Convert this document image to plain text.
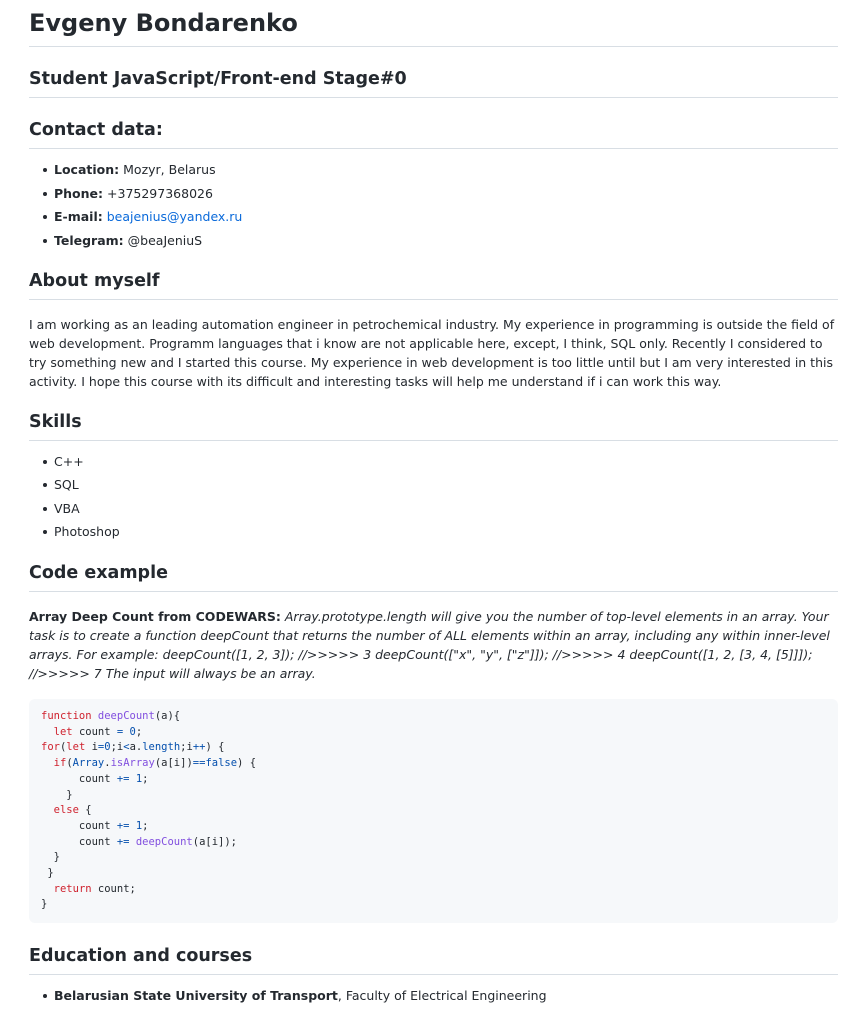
Evgeny Bondarenko
Student JavaScript/Front-end Stage#0
Contact data:
Location: Mozyr, Belarus
Phone: +375297368026
E-mail: beajenius@yandex.ru
Telegram: @beaJeniuS
About myself

I am working as an leading automation engineer in petrochemical industry. My experience in programming is outside the field of web development. Programm languages that i know are not applicable here, except, I think, SQL only. Recently I considered to try something new and I started this course. My experience in web development is too little until but I am very interested in this activity. I hope this course with its difficult and interesting tasks will help me understand if i can work this way.

Skills
C++
SQL
VBA
Photoshop
Code example

Array Deep Count from CODEWARS: Array.prototype.length will give you the number of top-level elements in an array. Your task is to create a function deepCount that returns the number of ALL elements within an array, including any within inner-level arrays. For example: deepCount([1, 2, 3]); //>>>>> 3 deepCount(["x", "y", ["z"]]); //>>>>> 4 deepCount([1, 2, [3, 4, [5]]]); //>>>>> 7 The input will always be an array.

function deepCount(a){
let count = 0;
for(let i=0;i<a.length;i++) {
if(Array.isArray(a[i])==false) {
count += 1;
}
else {
count += 1;
count += deepCount(a[i]);
}
}
return count;
}
Education and courses
Belarusian State University of Transport, Faculty of Electrical Engineering
